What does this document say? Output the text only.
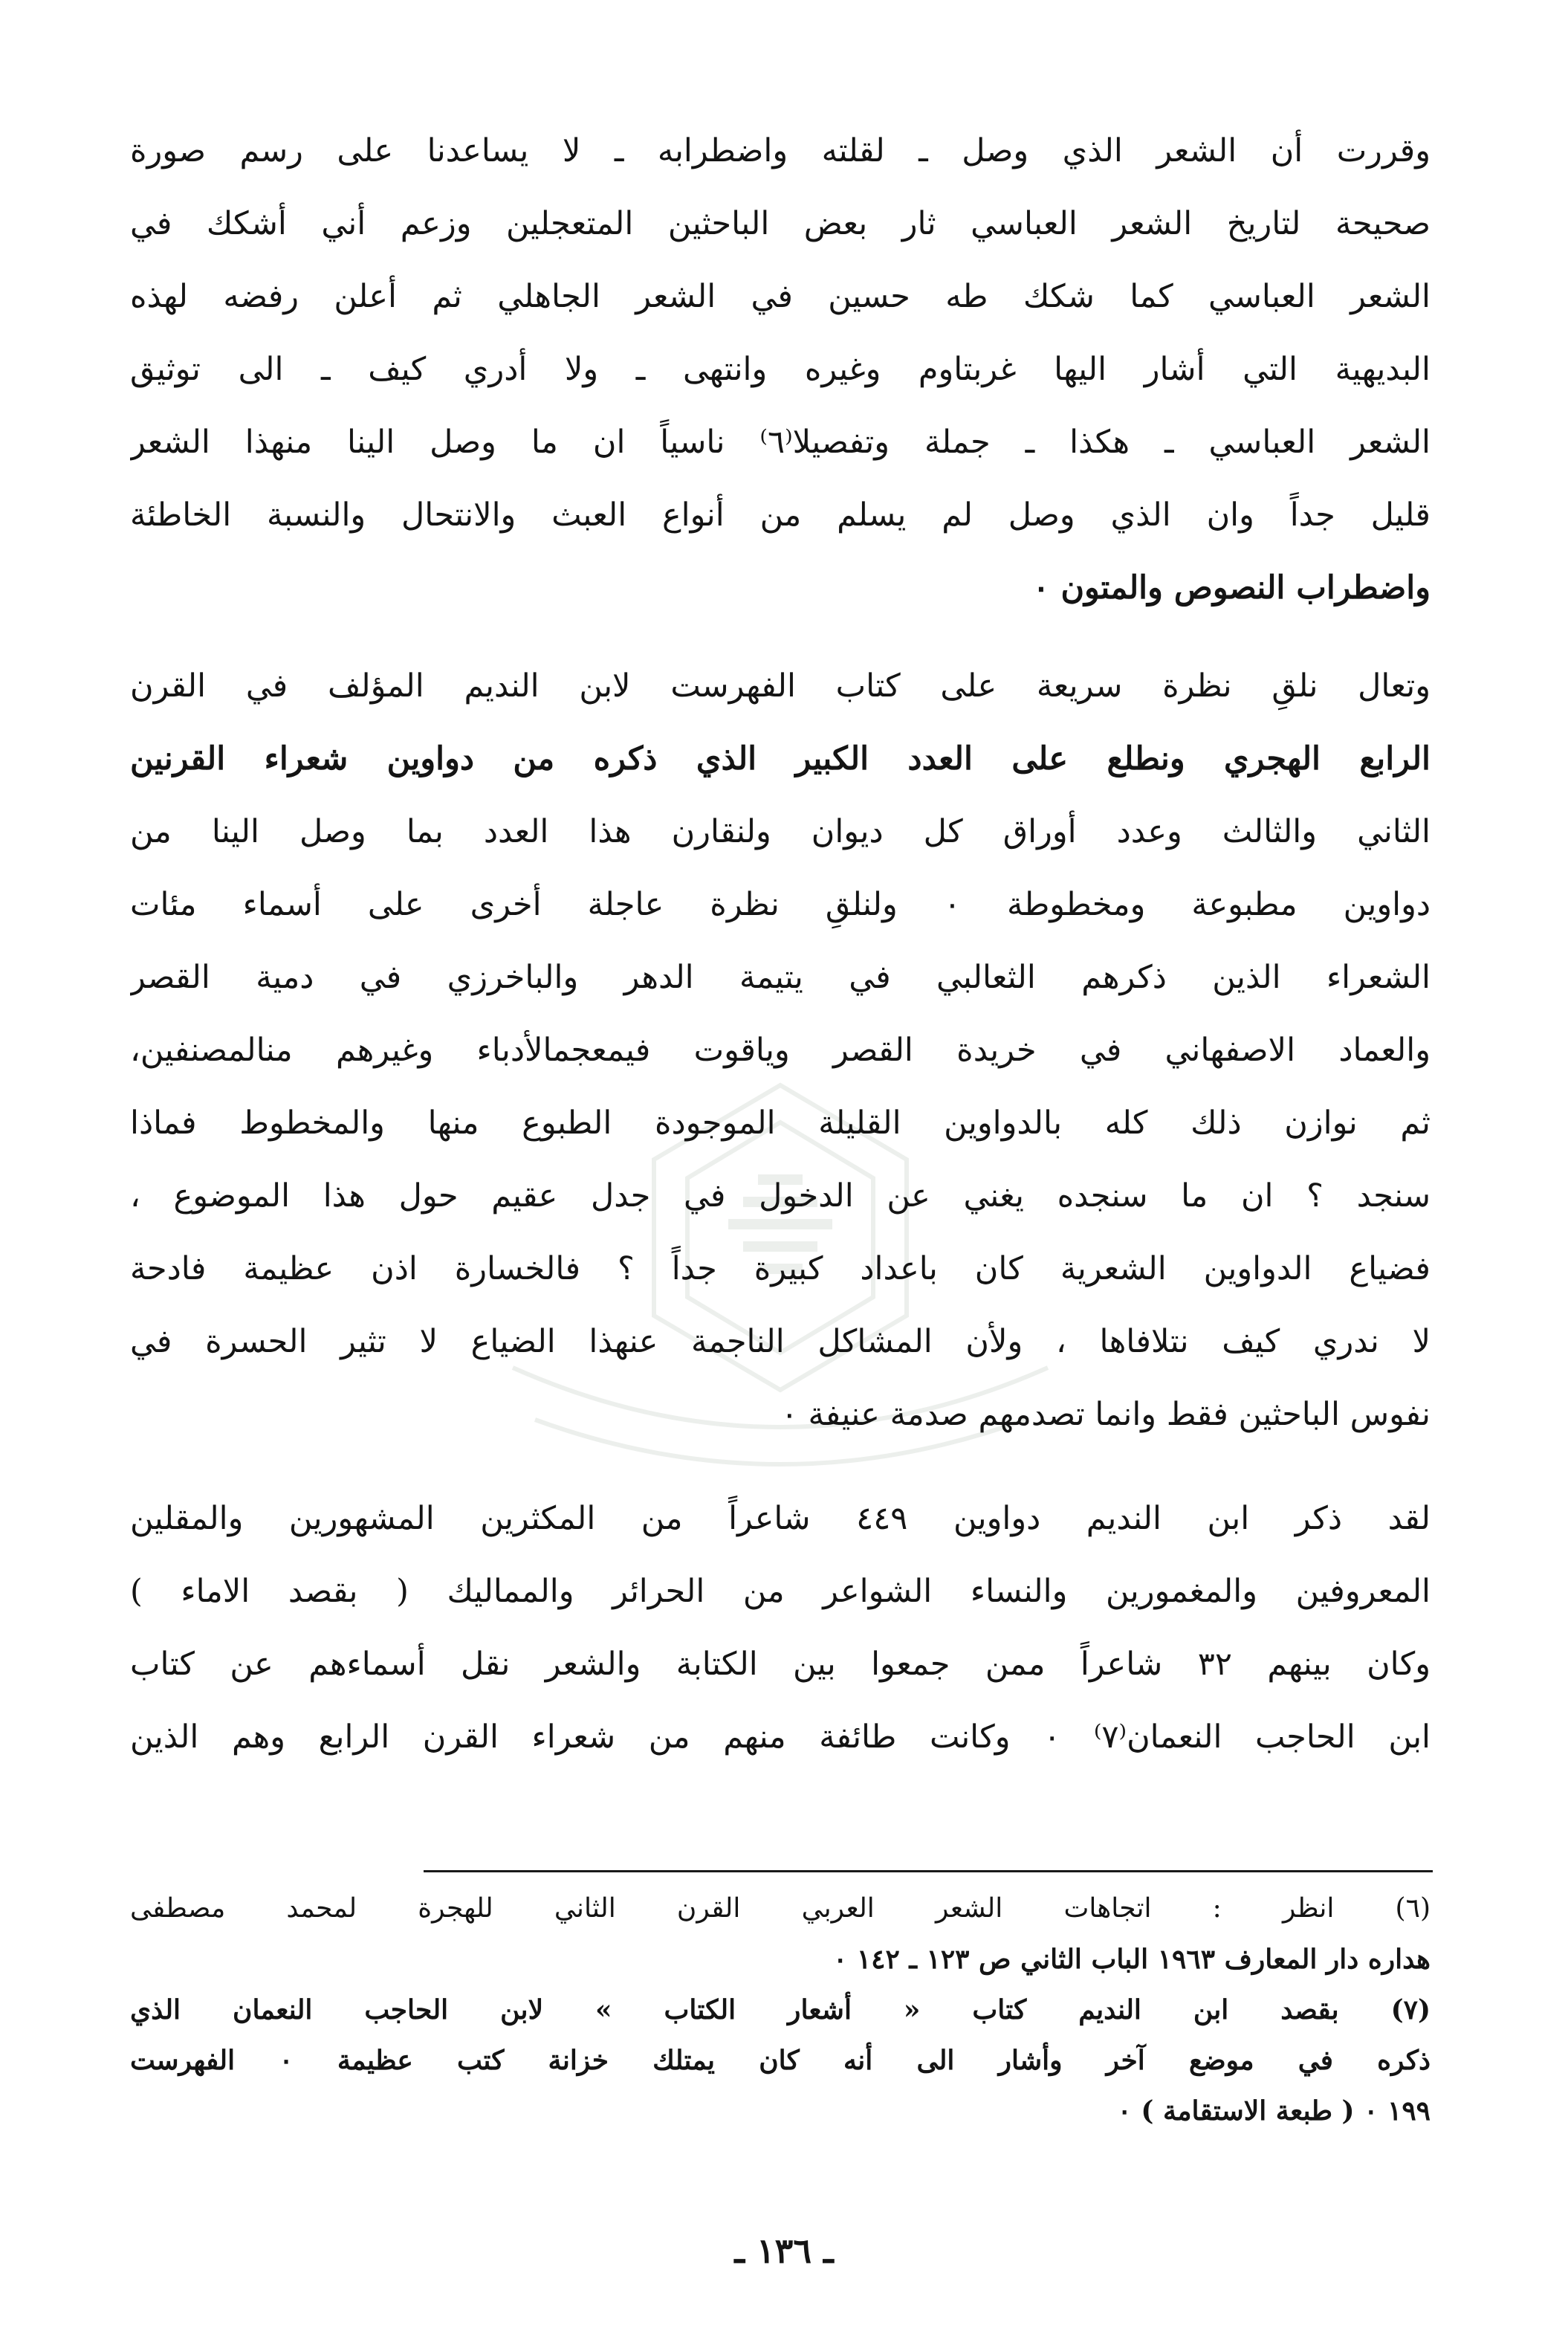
وقررت أن الشعر الذي وصل ـ لقلته واضطرابه ـ لا يساعدنا على رسم صورة
صحيحة لتاريخ الشعر العباسي ثار بعض الباحثين المتعجلين وزعم أني أشكك في
الشعر العباسي كما شكك طه حسين في الشعر الجاهلي ثم أعلن رفضه لهذه
البديهية التي أشار اليها غربتاوم وغيره وانتهى ـ ولا أدري كيف ـ الى توثيق
الشعر العباسي ـ هكذا ـ جملة وتفصيلا⁽٦⁾ ناسياً ان ما وصل الينا منهذا الشعر
قليل جداً وان الذي وصل لم يسلم من أنواع العبث والانتحال والنسبة الخاطئة
واضطراب النصوص والمتون ٠
وتعال نلقِ نظرة سريعة على كتاب الفهرست لابن النديم المؤلف في القرن
الرابع الهجري ونطلع على العدد الكبير الذي ذكره من دواوين شعراء القرنين
الثاني والثالث وعدد أوراق كل ديوان ولنقارن هذا العدد بما وصل الينا من
دواوين مطبوعة ومخطوطة ٠ ولنلقِ نظرة عاجلة أخرى على أسماء مئات
الشعراء الذين ذكرهم الثعالبي في يتيمة الدهر والباخرزي في دمية القصر
والعماد الاصفهاني في خريدة القصر وياقوت فيمعجمالأدباء وغيرهم منالمصنفين،
ثم نوازن ذلك كله بالدواوين القليلة الموجودة الطبوع منها والمخطوط فماذا
سنجد ؟ ان ما سنجده يغني عن الدخول في جدل عقيم حول هذا الموضوع ،
فضياع الدواوين الشعرية كان باعداد كبيرة جداً ؟ فالخسارة اذن عظيمة فادحة
لا ندري كيف نتلافاها ، ولأن المشاكل الناجمة عنهذا الضياع لا تثير الحسرة في
نفوس الباحثين فقط وانما تصدمهم صدمة عنيفة ٠
لقد ذكر ابن النديم دواوين ٤٤٩ شاعراً من المكثرين المشهورين والمقلين
المعروفين والمغمورين والنساء الشواعر من الحرائر والمماليك ( بقصد الاماء )
وكان بينهم ٣٢ شاعراً ممن جمعوا بين الكتابة والشعر نقل أسماءهم عن كتاب
ابن الحاجب النعمان⁽٧⁾ ٠ وكانت طائفة منهم من شعراء القرن الرابع وهم الذين
(٦) انظر : اتجاهات الشعر العربي القرن الثاني للهجرة لمحمد مصطفى
هداره دار المعارف ١٩٦٣ الباب الثاني ص ١٢٣ ـ ١٤٢ ٠
(٧) بقصد ابن النديم كتاب « أشعار الكتاب » لابن الحاجب النعمان الذي
ذكره في موضع آخر وأشار الى أنه كان يمتلك خزانة كتب عظيمة ٠ الفهرست
١٩٩ ٠ ( طبعة الاستقامة ) ٠
ـ ١٣٦ ـ
